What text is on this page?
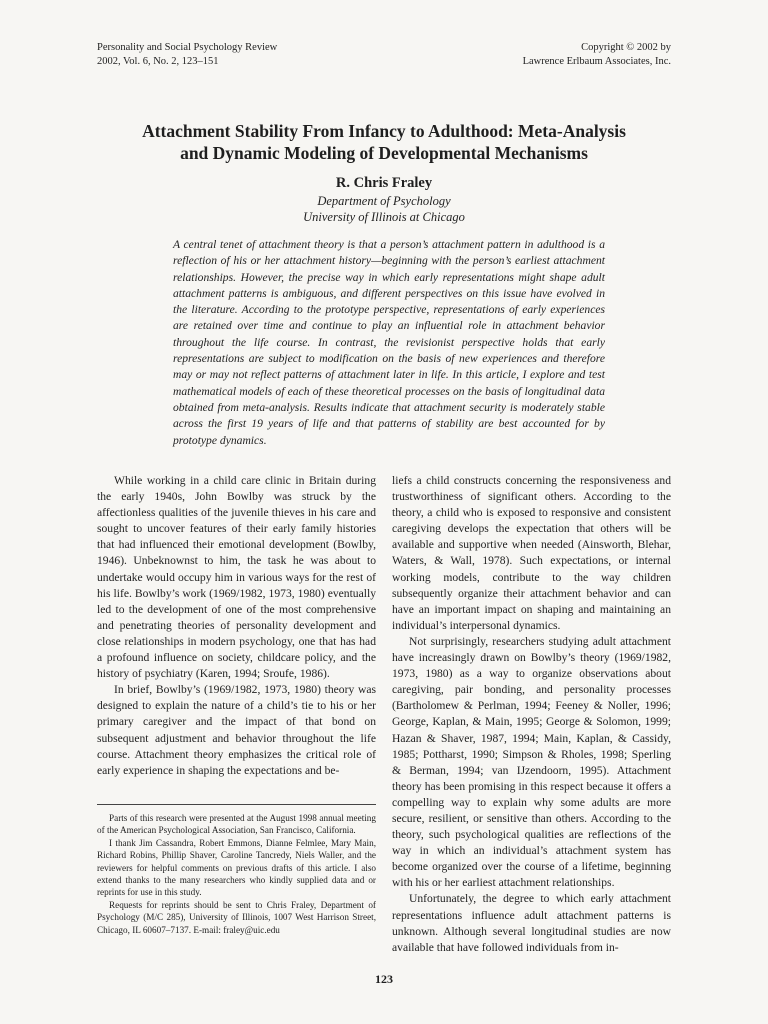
Personality and Social Psychology Review
2002, Vol. 6, No. 2, 123–151
Copyright © 2002 by
Lawrence Erlbaum Associates, Inc.
Attachment Stability From Infancy to Adulthood: Meta-Analysis
and Dynamic Modeling of Developmental Mechanisms
R. Chris Fraley
Department of Psychology
University of Illinois at Chicago
A central tenet of attachment theory is that a person’s attachment pattern in adulthood is a reflection of his or her attachment history—beginning with the person’s earliest attachment relationships. However, the precise way in which early representations might shape adult attachment patterns is ambiguous, and different perspectives on this issue have evolved in the literature. According to the prototype perspective, representations of early experiences are retained over time and continue to play an influential role in attachment behavior throughout the life course. In contrast, the revisionist perspective holds that early representations are subject to modification on the basis of new experiences and therefore may or may not reflect patterns of attachment later in life. In this article, I explore and test mathematical models of each of these theoretical processes on the basis of longitudinal data obtained from meta-analysis. Results indicate that attachment security is moderately stable across the first 19 years of life and that patterns of stability are best accounted for by prototype dynamics.

While working in a child care clinic in Britain during the early 1940s, John Bowlby was struck by the affectionless qualities of the juvenile thieves in his care and sought to uncover features of their early family histories that had influenced their emotional development (Bowlby, 1946). Unbeknownst to him, the task he was about to undertake would occupy him in various ways for the rest of his life. Bowlby’s work (1969/1982, 1973, 1980) eventually led to the development of one of the most comprehensive and penetrating theories of personality development and close relationships in modern psychology, one that has had a profound influence on society, childcare policy, and the history of psychiatry (Karen, 1994; Sroufe, 1986).

In brief, Bowlby’s (1969/1982, 1973, 1980) theory was designed to explain the nature of a child’s tie to his or her primary caregiver and the impact of that bond on subsequent adjustment and behavior throughout the life course. Attachment theory emphasizes the critical role of early experience in shaping the expectations and be-

liefs a child constructs concerning the responsiveness and trustworthiness of significant others. According to the theory, a child who is exposed to responsive and consistent caregiving develops the expectation that others will be available and supportive when needed (Ainsworth, Blehar, Waters, & Wall, 1978). Such expectations, or internal working models, contribute to the way children subsequently organize their attachment behavior and can have an important impact on shaping and maintaining an individual’s interpersonal dynamics.

Not surprisingly, researchers studying adult attachment have increasingly drawn on Bowlby’s theory (1969/1982, 1973, 1980) as a way to organize observations about caregiving, pair bonding, and personality processes (Bartholomew & Perlman, 1994; Feeney & Noller, 1996; George, Kaplan, & Main, 1995; George & Solomon, 1999; Hazan & Shaver, 1987, 1994; Main, Kaplan, & Cassidy, 1985; Pottharst, 1990; Simpson & Rholes, 1998; Sperling & Berman, 1994; van IJzendoorn, 1995). Attachment theory has been promising in this respect because it offers a compelling way to explain why some adults are more secure, resilient, or sensitive than others. According to the theory, such psychological qualities are reflections of the way in which an individual’s attachment system has become organized over the course of a lifetime, beginning with his or her earliest attachment relationships.

Unfortunately, the degree to which early attachment representations influence adult attachment patterns is unknown. Although several longitudinal studies are now available that have followed individuals from in-

Parts of this research were presented at the August 1998 annual meeting of the American Psychological Association, San Francisco, California.

I thank Jim Cassandra, Robert Emmons, Dianne Felmlee, Mary Main, Richard Robins, Phillip Shaver, Caroline Tancredy, Niels Waller, and the reviewers for helpful comments on previous drafts of this article. I also extend thanks to the many researchers who kindly supplied data and or reprints for use in this study.

Requests for reprints should be sent to Chris Fraley, Department of Psychology (M/C 285), University of Illinois, 1007 West Harrison Street, Chicago, IL 60607–7137. E-mail: fraley@uic.edu

123
